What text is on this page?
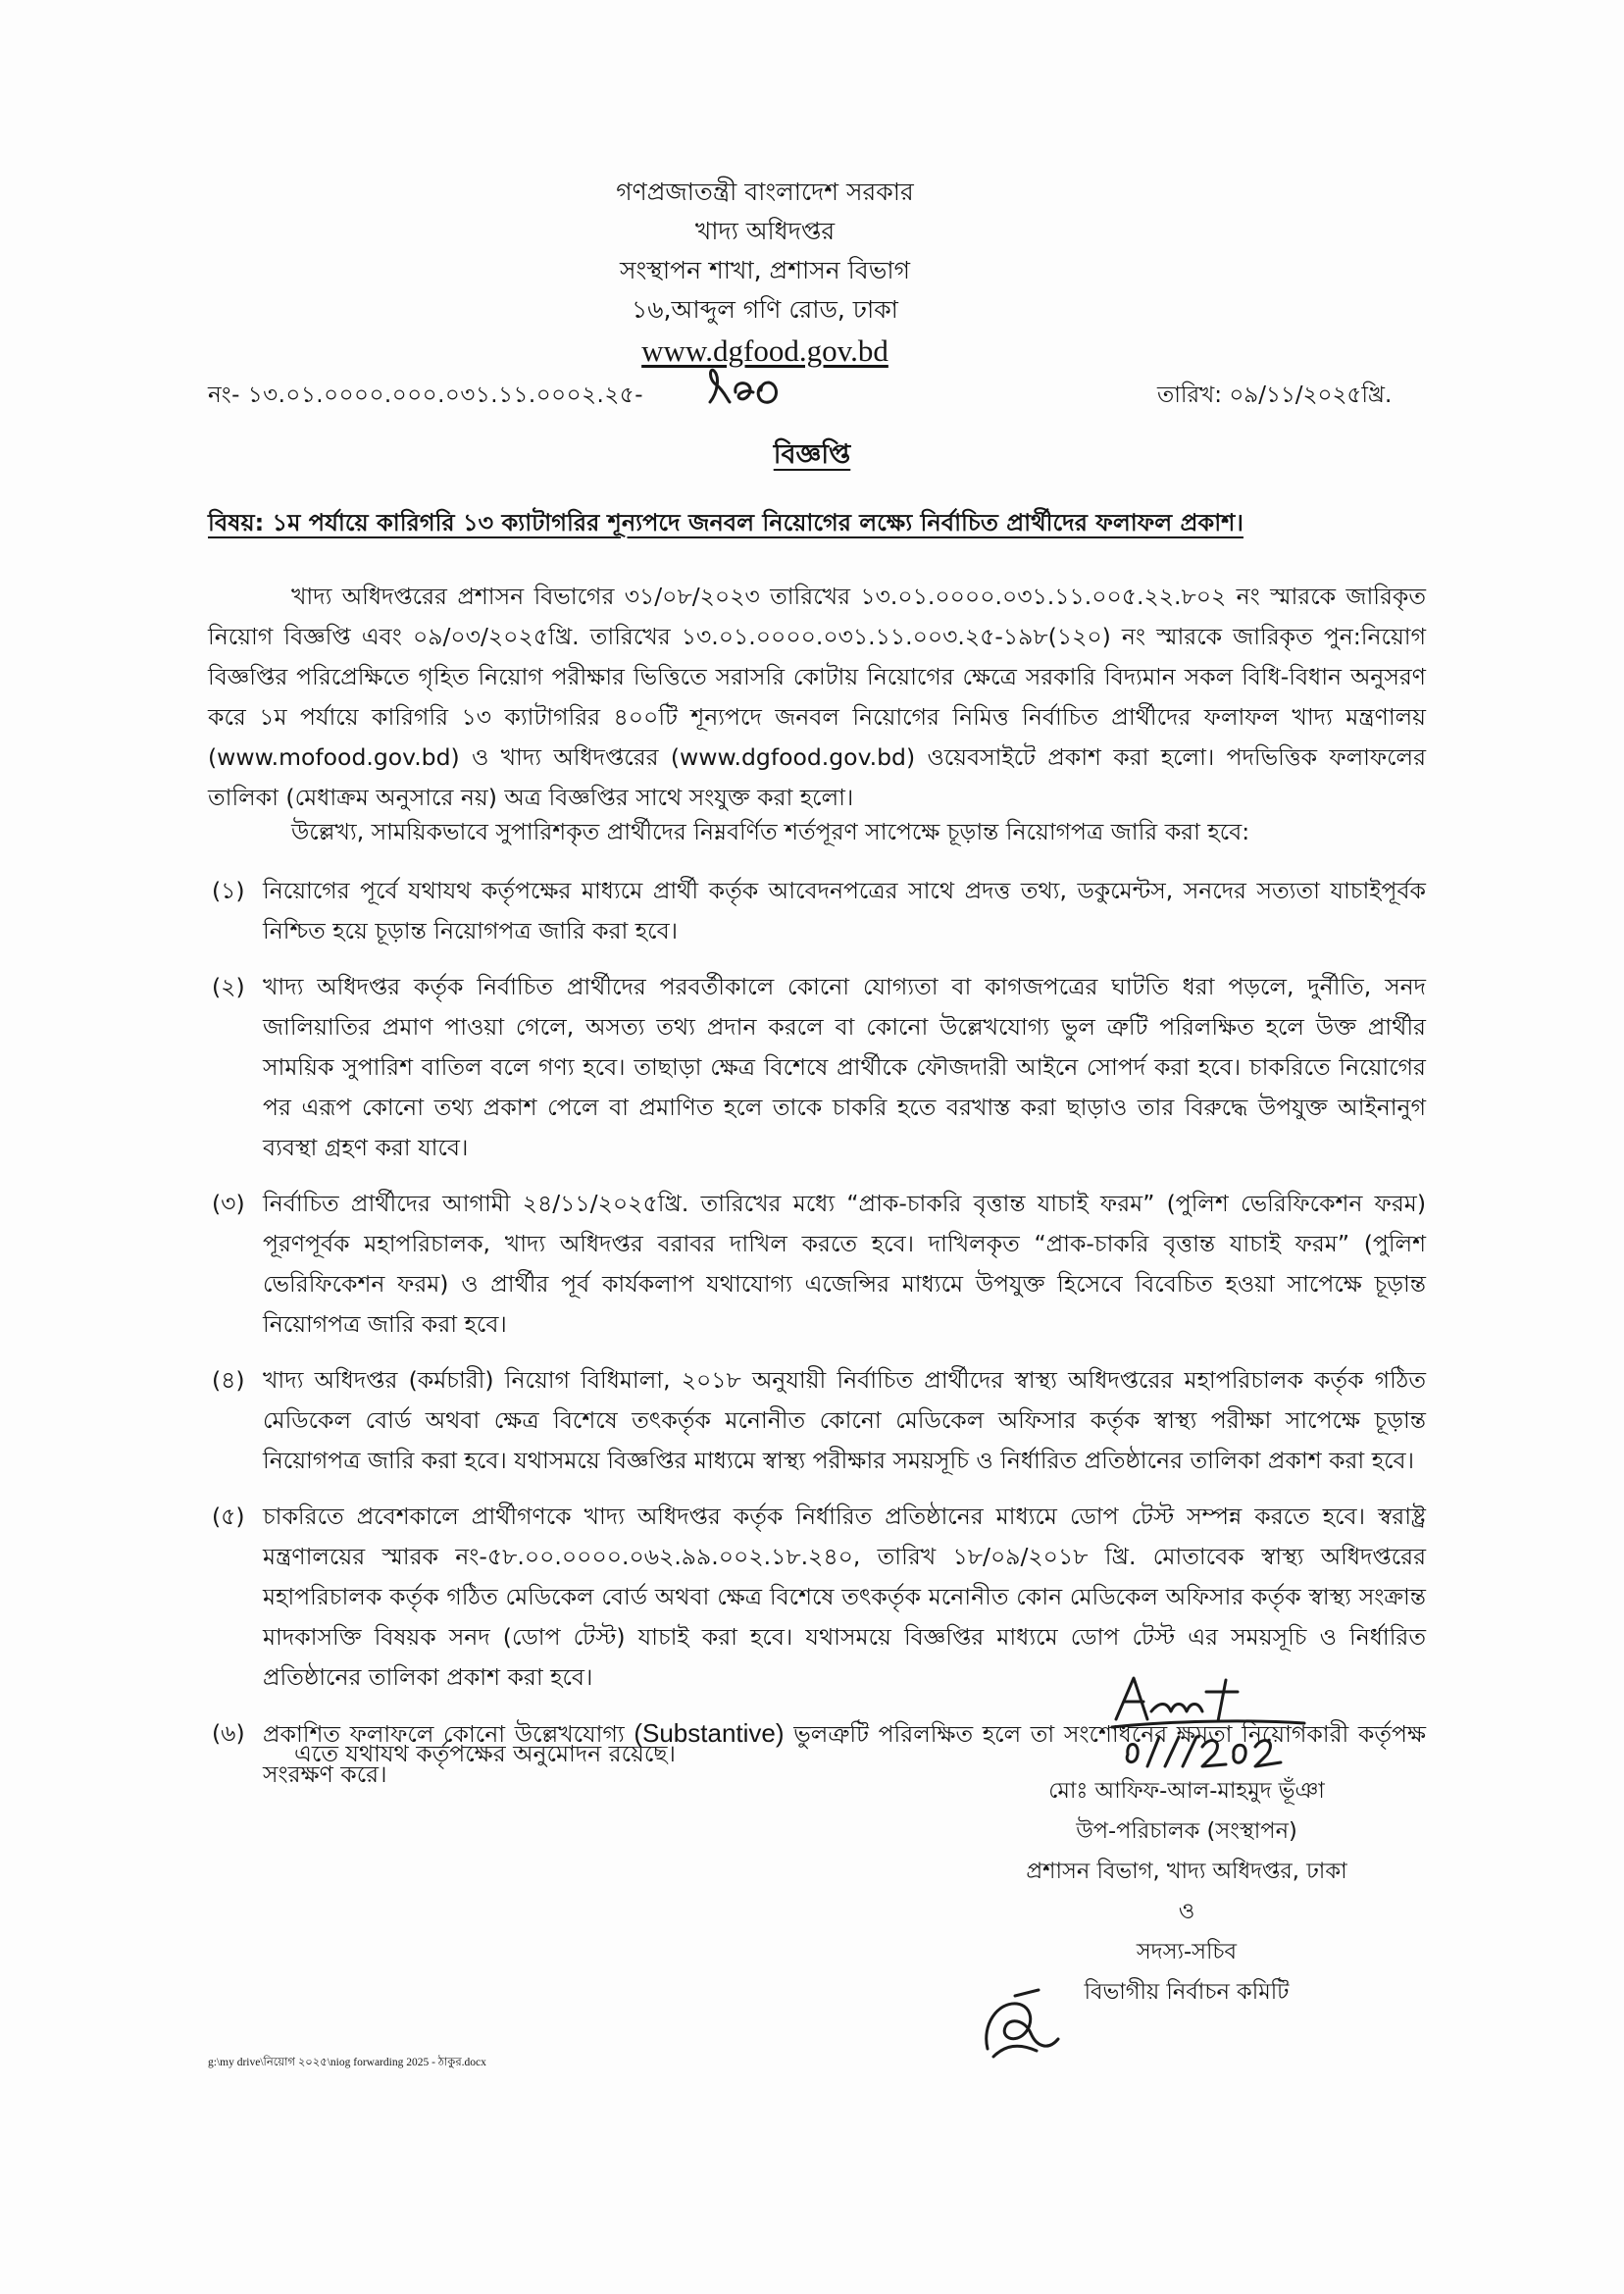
গণপ্রজাতন্ত্রী বাংলাদেশ সরকার
খাদ্য অধিদপ্তর
সংস্থাপন শাখা, প্রশাসন বিভাগ
১৬,আব্দুল গণি রোড, ঢাকা
www.dgfood.gov.bd
নং- ১৩.০১.০০০০.০০০.০৩১.১১.০০০২.২৫-	তারিখ: ০৯/১১/২০২৫খ্রি.
বিজ্ঞপ্তি
বিষয়: ১ম পর্যায়ে কারিগরি ১৩ ক্যাটাগরির শূন্যপদে জনবল নিয়োগের লক্ষ্যে নির্বাচিত প্রার্থীদের ফলাফল প্রকাশ।
খাদ্য অধিদপ্তরের প্রশাসন বিভাগের ৩১/০৮/২০২৩ তারিখের ১৩.০১.০০০০.০৩১.১১.০০৫.২২.৮০২ নং স্মারকে জারিকৃত নিয়োগ বিজ্ঞপ্তি এবং ০৯/০৩/২০২৫খ্রি. তারিখের ১৩.০১.০০০০.০৩১.১১.০০৩.২৫-১৯৮(১২০) নং স্মারকে জারিকৃত পুন:নিয়োগ বিজ্ঞপ্তির পরিপ্রেক্ষিতে গৃহিত নিয়োগ পরীক্ষার ভিত্তিতে সরাসরি কোটায় নিয়োগের ক্ষেত্রে সরকারি বিদ্যমান সকল বিধি-বিধান অনুসরণ করে ১ম পর্যায়ে কারিগরি ১৩ ক্যাটাগরির ৪০০টি শূন্যপদে জনবল নিয়োগের নিমিত্ত নির্বাচিত প্রার্থীদের ফলাফল খাদ্য মন্ত্রণালয় (www.mofood.gov.bd) ও খাদ্য অধিদপ্তরের (www.dgfood.gov.bd) ওয়েবসাইটে প্রকাশ করা হলো। পদভিত্তিক ফলাফলের তালিকা (মেধাক্রম অনুসারে নয়) অত্র বিজ্ঞপ্তির সাথে সংযুক্ত করা হলো।
উল্লেখ্য, সাময়িকভাবে সুপারিশকৃত প্রার্থীদের নিম্নবর্ণিত শর্তপূরণ সাপেক্ষে চূড়ান্ত নিয়োগপত্র জারি করা হবে:
(১) নিয়োগের পূর্বে যথাযথ কর্তৃপক্ষের মাধ্যমে প্রার্থী কর্তৃক আবেদনপত্রের সাথে প্রদত্ত তথ্য, ডকুমেন্টস, সনদের সত্যতা যাচাইপূর্বক নিশ্চিত হয়ে চূড়ান্ত নিয়োগপত্র জারি করা হবে।
(২) খাদ্য অধিদপ্তর কর্তৃক নির্বাচিত প্রার্থীদের পরবর্তীকালে কোনো যোগ্যতা বা কাগজপত্রের ঘাটতি ধরা পড়লে, দুর্নীতি, সনদ জালিয়াতির প্রমাণ পাওয়া গেলে, অসত্য তথ্য প্রদান করলে বা কোনো উল্লেখযোগ্য ভুল ত্রুটি পরিলক্ষিত হলে উক্ত প্রার্থীর সাময়িক সুপারিশ বাতিল বলে গণ্য হবে। তাছাড়া ক্ষেত্র বিশেষে প্রার্থীকে ফৌজদারী আইনে সোপর্দ করা হবে। চাকরিতে নিয়োগের পর এরূপ কোনো তথ্য প্রকাশ পেলে বা প্রমাণিত হলে তাকে চাকরি হতে বরখাস্ত করা ছাড়াও তার বিরুদ্ধে উপযুক্ত আইনানুগ ব্যবস্থা গ্রহণ করা যাবে।
(৩) নির্বাচিত প্রার্থীদের আগামী ২৪/১১/২০২৫খ্রি. তারিখের মধ্যে “প্রাক-চাকরি বৃত্তান্ত যাচাই ফরম” (পুলিশ ভেরিফিকেশন ফরম) পূরণপূর্বক মহাপরিচালক, খাদ্য অধিদপ্তর বরাবর দাখিল করতে হবে। দাখিলকৃত “প্রাক-চাকরি বৃত্তান্ত যাচাই ফরম” (পুলিশ ভেরিফিকেশন ফরম) ও প্রার্থীর পূর্ব কার্যকলাপ যথাযোগ্য এজেন্সির মাধ্যমে উপযুক্ত হিসেবে বিবেচিত হওয়া সাপেক্ষে চূড়ান্ত নিয়োগপত্র জারি করা হবে।
(৪) খাদ্য অধিদপ্তর (কর্মচারী) নিয়োগ বিধিমালা, ২০১৮ অনুযায়ী নির্বাচিত প্রার্থীদের স্বাস্থ্য অধিদপ্তরের মহাপরিচালক কর্তৃক গঠিত মেডিকেল বোর্ড অথবা ক্ষেত্র বিশেষে তৎকর্তৃক মনোনীত কোনো মেডিকেল অফিসার কর্তৃক স্বাস্থ্য পরীক্ষা সাপেক্ষে চূড়ান্ত নিয়োগপত্র জারি করা হবে। যথাসময়ে বিজ্ঞপ্তির মাধ্যমে স্বাস্থ্য পরীক্ষার সময়সূচি ও নির্ধারিত প্রতিষ্ঠানের তালিকা প্রকাশ করা হবে।
(৫) চাকরিতে প্রবেশকালে প্রার্থীগণকে খাদ্য অধিদপ্তর কর্তৃক নির্ধারিত প্রতিষ্ঠানের মাধ্যমে ডোপ টেস্ট সম্পন্ন করতে হবে। স্বরাষ্ট্র মন্ত্রণালয়ের স্মারক নং-৫৮.০০.০০০০.০৬২.৯৯.০০২.১৮.২৪০, তারিখ ১৮/০৯/২০১৮ খ্রি. মোতাবেক স্বাস্থ্য অধিদপ্তরের মহাপরিচালক কর্তৃক গঠিত মেডিকেল বোর্ড অথবা ক্ষেত্র বিশেষে তৎকর্তৃক মনোনীত কোন মেডিকেল অফিসার কর্তৃক স্বাস্থ্য সংক্রান্ত মাদকাসক্তি বিষয়ক সনদ (ডোপ টেস্ট) যাচাই করা হবে। যথাসময়ে বিজ্ঞপ্তির মাধ্যমে ডোপ টেস্ট এর সময়সূচি ও নির্ধারিত প্রতিষ্ঠানের তালিকা প্রকাশ করা হবে।
(৬) প্রকাশিত ফলাফলে কোনো উল্লেখযোগ্য (Substantive) ভুলত্রুটি পরিলক্ষিত হলে তা সংশোধনের ক্ষমতা নিয়োগকারী কর্তৃপক্ষ সংরক্ষণ করে।
এতে যথাযথ কর্তৃপক্ষের অনুমোদন রয়েছে।
মোঃ আফিফ-আল-মাহমুদ ভূঁঞা
উপ-পরিচালক (সংস্থাপন)
প্রশাসন বিভাগ, খাদ্য অধিদপ্তর, ঢাকা
ও
সদস্য-সচিব
বিভাগীয় নির্বাচন কমিটি
g:\my drive\নিয়োগ ২০২৫\niog forwarding 2025 - ঠাকুর.docx
